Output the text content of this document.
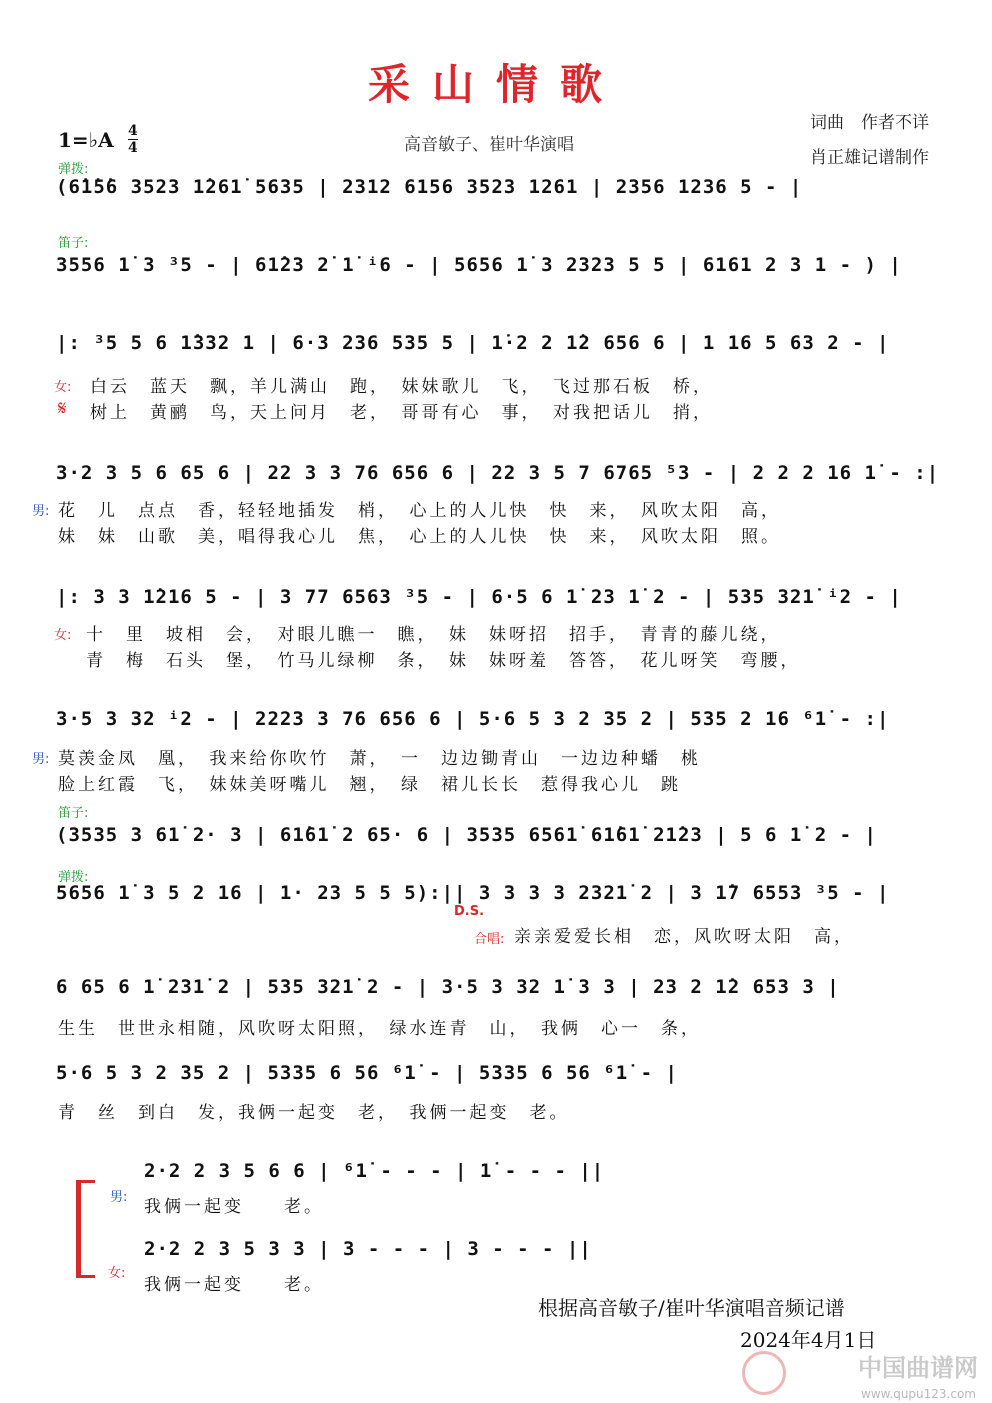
采山情歌
1=♭A 4
4	高音敏子、崔叶华演唱
词曲　作者不详
肖正雄记谱制作
弹拨:
(6̇1̇5̇6 3523 1̇261̇ 5635 | 2312 6156 3523 1261 | 2356 1236 5 - |
笛子:
3556 1̇ 3 ³5 - | 61̇23 2̇ 1̇ ⁱ6 - | 5656 1̇ 3 2323 5 5 | 6161 2 3 1 - ) |
|: ³5 5 6 1̇332 1 | 6·3 236 535 5 | 1̇·2 2 1̇2 656 6 | 1 16 5 63 2 - |
女: 白云　蓝天　飘，羊儿满山　跑，　妹妹歌儿　飞，　飞过那石板　桥，
𝄋 树上　黄鹂　鸟，天上问月　老，　哥哥有心　事，　对我把话儿　捎，
3·2 3 5 6 65 6 | 22 3 3 76 656 6 | 22 3 5 7 6765 ⁵3 - | 2 2 2 16 1̇ - :|
男: 花　儿　点点　香，轻轻地插发　梢，　心上的人儿快　快　来，　风吹太阳　高，
妹　妹　山歌　美，唱得我心儿　焦，　心上的人儿快　快　来，　风吹太阳　照。
|: 3 3 1̇216 5 - | 3 77 6563 ³5 - | 6·5 6 1̇ 23 1̇ 2 - | 535 321̇ ⁱ2 - |
女: 十　里　坡相　会，　对眼儿瞧一　瞧，　妹　妹呀招　招手，　青青的藤儿绕，
青　梅　石头　堡，　竹马儿绿柳　条，　妹　妹呀羞　答答，　花儿呀笑　弯腰，
3·5 3 32 ⁱ2 - | 2223 3 76 656 6 | 5·6 5 3 2 35 2 | 535 2 16 ⁶1̇ - :|
男: 莫羡金凤　凰，　我来给你吹竹　萧，　一　边边锄青山　一边边种蟠　桃
脸上红霞　飞，　妹妹美呀嘴儿　翘，　绿　裙儿长长　惹得我心儿　跳
笛子:
(3535 3 61̇ 2· 3 | 61̇61̇ 2 65· 6 | 3535 6561̇ 61̇61̇ 21̇23 | 5 6 1̇ 2 - |
弹拨:
5656 1̇ 3 5 2 16 | 1· 23 5 5 5):|| 3 3 3 3 2321̇ 2 | 3 1̇7 6553 ³5 - |
D.S.
合唱: 亲亲爱爱长相　恋，风吹呀太阳　高，
6 65 6 1̇ 231̇ 2 | 535 321̇ 2 - | 3·5 3 32 1̇ 3 3 | 23 2 1̇2 653 3 |
生生　世世永相随，风吹呀太阳照，　绿水连青　山，　我俩　心一　条，
5·6 5 3 2 35 2 | 5335 6 56 ⁶1̇ - | 5335 6 56 ⁶1̇ - |
青　丝　到白　发，我俩一起变　老，　我俩一起变　老。
2·2 2 3 5 6 6 | ⁶1̇ - - - | 1̇ - - - ||
男: 我俩一起变　　老。
2·2 2 3 5 3 3 | 3 - - - | 3 - - - ||
女:
我俩一起变　　老。
根据高音敏子/崔叶华演唱音频记谱
2024年4月1日
中国曲谱网
www.qupu123.com
